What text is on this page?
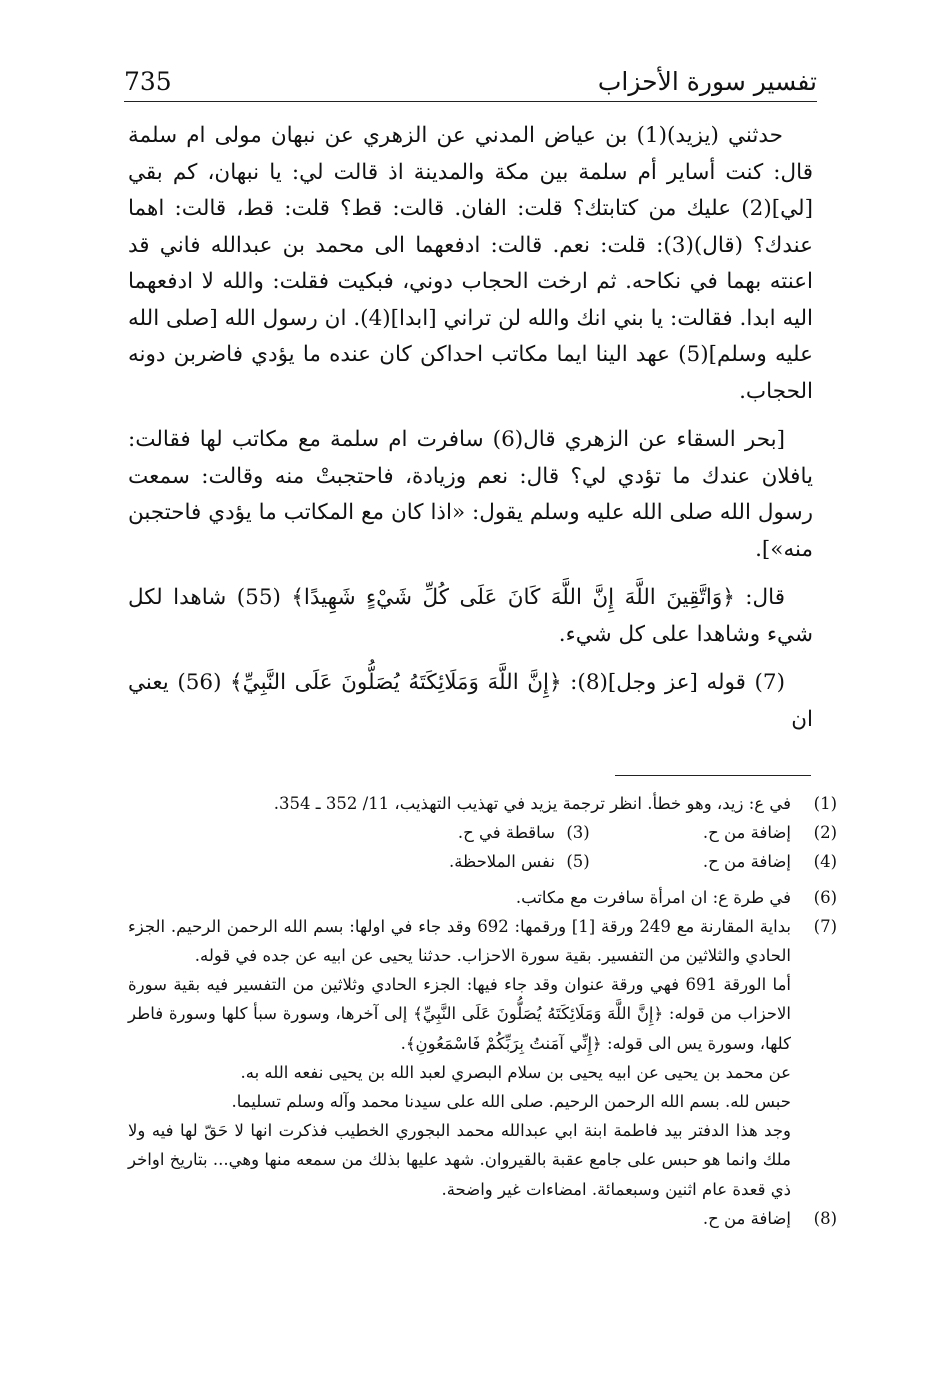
735	تفسير سورة الأحزاب

حدثني (يزيد)(1) بن عياض المدني عن الزهري عن نبهان مولى ام سلمة قال: كنت أساير أم سلمة بين مكة والمدينة اذ قالت لي: يا نبهان، كم بقي [لي](2) عليك من كتابتك؟ قلت: الفان. قالت: قط؟ قلت: قط، قالت: اهما عندك؟ (قال)(3): قلت: نعم. قالت: ادفعهما الى محمد بن عبدالله فاني قد اعنته بهما في نكاحه. ثم ارخت الحجاب دوني، فبكيت فقلت: والله لا ادفعهما اليه ابدا. فقالت: يا بني انك والله لن تراني [ابدا](4). ان رسول الله [صلى الله عليه وسلم](5) عهد الينا ايما مكاتب احداكن كان عنده ما يؤدي فاضربن دونه الحجاب.

[بحر السقاء عن الزهري قال(6) سافرت ام سلمة مع مكاتب لها فقالت: يافلان عندك ما تؤدي لي؟ قال: نعم وزيادة، فاحتجبتْ منه وقالت: سمعت رسول الله صلى الله عليه وسلم يقول: «اذا كان مع المكاتب ما يؤدي فاحتجبن منه»].

قال: ﴿وَاتَّقِينَ اللَّهَ إِنَّ اللَّهَ كَانَ عَلَى كُلِّ شَيْءٍ شَهِيدًا﴾ (55) شاهدا لكل شيء وشاهدا على كل شيء.

(7) قوله [عز وجل](8): ﴿إِنَّ اللَّهَ وَمَلَائِكَتَهُ يُصَلُّونَ عَلَى النَّبِيِّ﴾ (56) يعني ان

(1)
في ع: زيد، وهو خطأ. انظر ترجمة يزيد في تهذيب التهذيب، 11/ 352 ـ 354.
(2)
إضافة من ح.
(3)
ساقطة في ح.
(4)
إضافة من ح.
(5)
نفس الملاحظة.
(6)
في طرة ع: ان امرأة سافرت مع مكاتب.
(7)
بداية المقارنة مع 249 ورقة [1] ورقمها: 692 وقد جاء في اولها: بسم الله الرحمن الرحيم. الجزء الحادي والثلاثين من التفسير. بقية سورة الاحزاب. حدثنا يحيى عن ابيه عن جده في قوله.
أما الورقة 691 فهي ورقة عنوان وقد جاء فيها: الجزء الحادي وثلاثين من التفسير فيه بقية سورة الاحزاب من قوله: ﴿إِنَّ اللَّهَ وَمَلَائِكَتَهُ يُصَلُّونَ عَلَى النَّبِيِّ﴾ إلى آخرها، وسورة سبأ كلها وسورة فاطر كلها، وسورة يس الى قوله: ﴿إِنِّي آمَنتُ بِرَبِّكُمْ فَاسْمَعُونِ﴾.
عن محمد بن يحيى عن ابيه يحيى بن سلام البصري لعبد الله بن يحيى نفعه الله به.
حبس لله. بسم الله الرحمن الرحيم. صلى الله على سيدنا محمد وآله وسلم تسليما.
وجد هذا الدفتر بيد فاطمة ابنة ابي عبدالله محمد البجوري الخطيب فذكرت انها لا حَقّ لها فيه ولا ملك وانما هو حبس على جامع عقبة بالقيروان. شهد عليها بذلك من سمعه منها وهي... بتاريخ اواخر ذي قعدة عام اثنين وسبعمائة. امضاءات غير واضحة.
(8)
إضافة من ح.
